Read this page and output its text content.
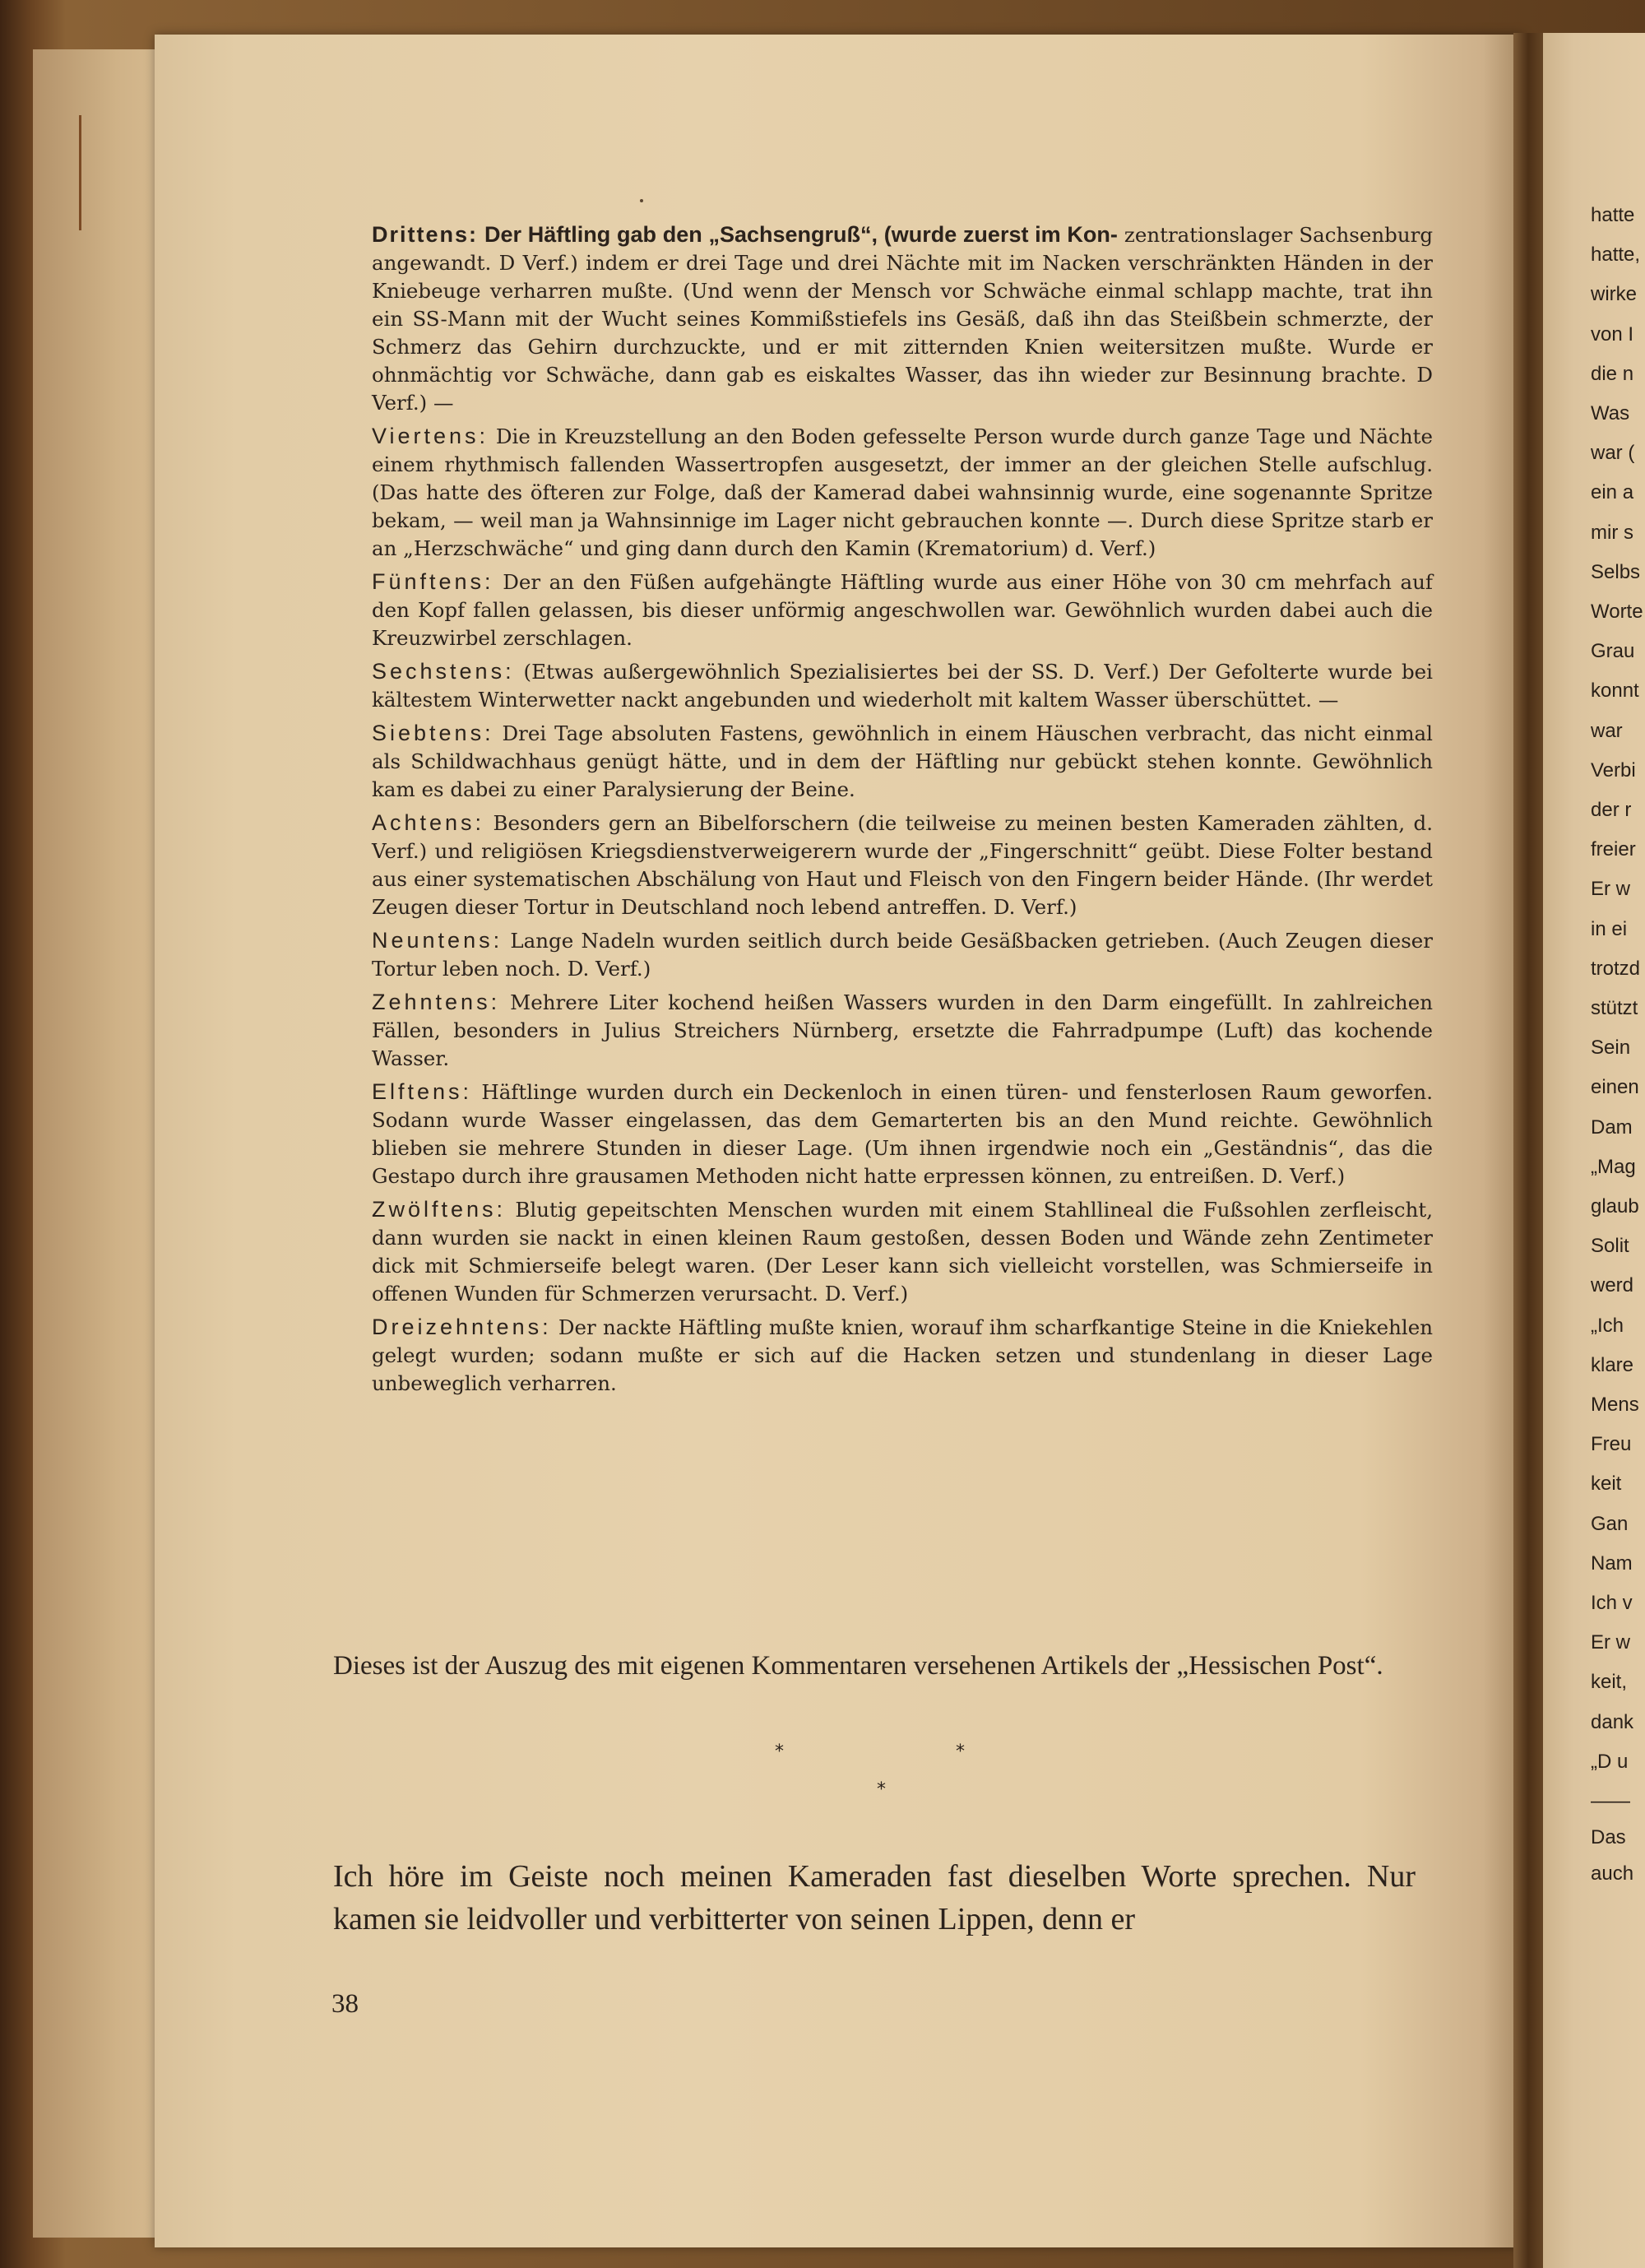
hatte
hatte,
wirke
von I
die n
Was
war (
ein a
mir s
Selbs
Worte
Grau
konnt
war
Verbi
der r
freier
Er w
in ei
trotzd
stützt
Sein
einen
Dam
„Mag
glaub
Solit
werd
„Ich
klare
Mens
Freu
keit
Gan
Nam
Ich v
Er w
keit,
dank
„D u
——
Das
auch
Drittens: Der Häftling gab den „Sachsengruß“, (wurde zuerst im Kon- zentrationslager Sachsenburg angewandt. D Verf.) indem er drei Tage und drei Nächte mit im Nacken verschränkten Händen in der Kniebeuge verharren mußte. (Und wenn der Mensch vor Schwäche einmal schlapp machte, trat ihn ein SS-Mann mit der Wucht seines Kommißstiefels ins Gesäß, daß ihn das Steißbein schmerzte, der Schmerz das Gehirn durchzuckte, und er mit zitternden Knien weitersitzen mußte. Wurde er ohnmächtig vor Schwäche, dann gab es eiskaltes Wasser, das ihn wieder zur Besinnung brachte. D Verf.) —
Viertens: Die in Kreuzstellung an den Boden gefesselte Person wurde durch ganze Tage und Nächte einem rhythmisch fallenden Wassertropfen ausgesetzt, der immer an der gleichen Stelle aufschlug. (Das hatte des öfteren zur Folge, daß der Kamerad dabei wahnsinnig wurde, eine sogenannte Spritze bekam, — weil man ja Wahnsinnige im Lager nicht gebrauchen konnte —. Durch diese Spritze starb er an „Herzschwäche“ und ging dann durch den Kamin (Krematorium) d. Verf.)
Fünftens: Der an den Füßen aufgehängte Häftling wurde aus einer Höhe von 30 cm mehrfach auf den Kopf fallen gelassen, bis dieser unförmig angeschwollen war. Gewöhnlich wurden dabei auch die Kreuzwirbel zerschlagen.
Sechstens: (Etwas außergewöhnlich Spezialisiertes bei der SS. D. Verf.) Der Gefolterte wurde bei kältestem Winterwetter nackt angebunden und wiederholt mit kaltem Wasser überschüttet. —
Siebtens: Drei Tage absoluten Fastens, gewöhnlich in einem Häuschen verbracht, das nicht einmal als Schildwachhaus genügt hätte, und in dem der Häftling nur gebückt stehen konnte. Gewöhnlich kam es dabei zu einer Paralysierung der Beine.
Achtens: Besonders gern an Bibelforschern (die teilweise zu meinen besten Kameraden zählten, d. Verf.) und religiösen Kriegsdienstverweigerern wurde der „Fingerschnitt“ geübt. Diese Folter bestand aus einer systematischen Abschälung von Haut und Fleisch von den Fingern beider Hände. (Ihr werdet Zeugen dieser Tortur in Deutschland noch lebend antreffen. D. Verf.)
Neuntens: Lange Nadeln wurden seitlich durch beide Gesäßbacken getrieben. (Auch Zeugen dieser Tortur leben noch. D. Verf.)
Zehntens: Mehrere Liter kochend heißen Wassers wurden in den Darm eingefüllt. In zahlreichen Fällen, besonders in Julius Streichers Nürnberg, ersetzte die Fahrradpumpe (Luft) das kochende Wasser.
Elftens: Häftlinge wurden durch ein Deckenloch in einen türen- und fensterlosen Raum geworfen. Sodann wurde Wasser eingelassen, das dem Gemarterten bis an den Mund reichte. Gewöhnlich blieben sie mehrere Stunden in dieser Lage. (Um ihnen irgendwie noch ein „Geständnis“, das die Gestapo durch ihre grausamen Methoden nicht hatte erpressen können, zu entreißen. D. Verf.)
Zwölftens: Blutig gepeitschten Menschen wurden mit einem Stahllineal die Fußsohlen zerfleischt, dann wurden sie nackt in einen kleinen Raum gestoßen, dessen Boden und Wände zehn Zentimeter dick mit Schmierseife belegt waren. (Der Leser kann sich vielleicht vorstellen, was Schmierseife in offenen Wunden für Schmerzen verursacht. D. Verf.)
Dreizehntens: Der nackte Häftling mußte knien, worauf ihm scharfkantige Steine in die Kniekehlen gelegt wurden; sodann mußte er sich auf die Hacken setzen und stundenlang in dieser Lage unbeweglich verharren.
Dieses ist der Auszug des mit eigenen Kommentaren versehenen Artikels der „Hessischen Post“.
*	*
*
Ich höre im Geiste noch meinen Kameraden fast dieselben Worte sprechen. Nur kamen sie leidvoller und verbitterter von seinen Lippen, denn er
38
